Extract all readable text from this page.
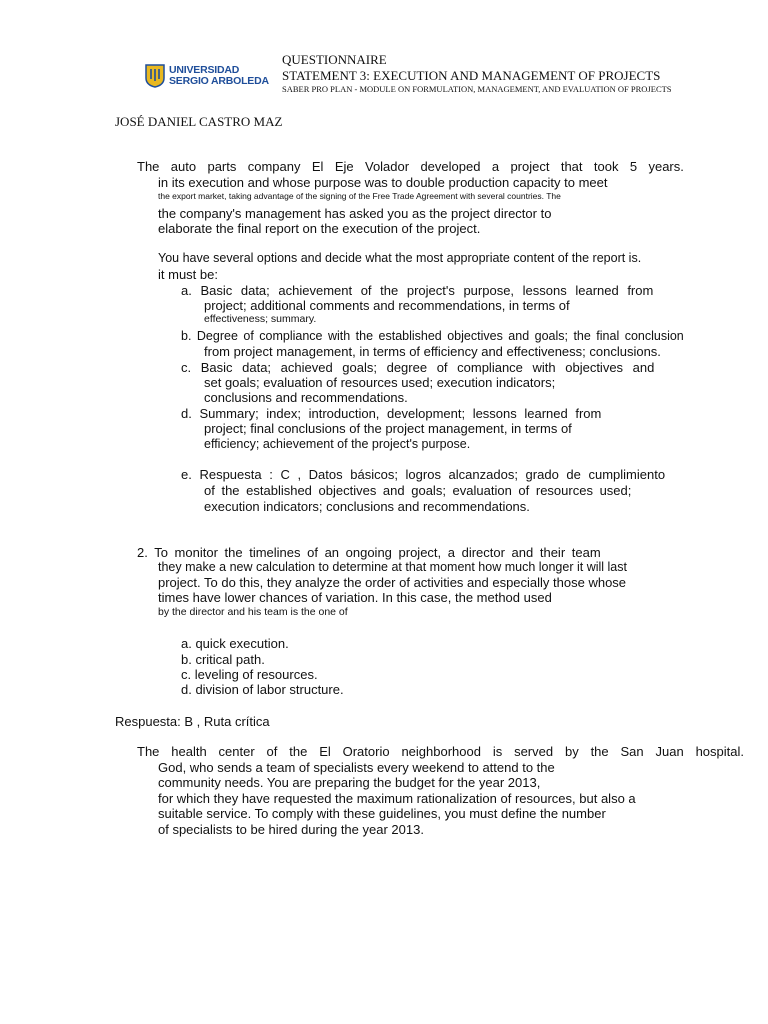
UNIVERSIDAD
SERGIO ARBOLEDA
QUESTIONNAIRE
STATEMENT 3: EXECUTION AND MANAGEMENT OF PROJECTS
SABER PRO PLAN - MODULE ON FORMULATION, MANAGEMENT, AND EVALUATION OF PROJECTS
JOSÉ DANIEL CASTRO MAZ
The auto parts company El Eje Volador developed a project that took 5 years.
in its execution and whose purpose was to double production capacity to meet
the export market, taking advantage of the signing of the Free Trade Agreement with several countries. The
the company's management has asked you as the project director to
elaborate the final report on the execution of the project.
You have several options and decide what the most appropriate content of the report is.
it must be:
a. Basic data; achievement of the project's purpose, lessons learned from
project; additional comments and recommendations, in terms of
effectiveness; summary.
b. Degree of compliance with the established objectives and goals; the final conclusion
from project management, in terms of efficiency and effectiveness; conclusions.
c. Basic data; achieved goals; degree of compliance with objectives and
set goals; evaluation of resources used; execution indicators;
conclusions and recommendations.
d. Summary; index; introduction, development; lessons learned from
project; final conclusions of the project management, in terms of
efficiency; achievement of the project's purpose.
e. Respuesta : C , Datos básicos; logros alcanzados; grado de cumplimiento
of the established objectives and goals; evaluation of resources used;
execution indicators; conclusions and recommendations.
2. To monitor the timelines of an ongoing project, a director and their team
they make a new calculation to determine at that moment how much longer it will last
project. To do this, they analyze the order of activities and especially those whose
times have lower chances of variation. In this case, the method used
by the director and his team is the one of
a. quick execution.
b. critical path.
c. leveling of resources.
d. division of labor structure.
Respuesta: B , Ruta crítica
The health center of the El Oratorio neighborhood is served by the San Juan hospital.
God, who sends a team of specialists every weekend to attend to the
community needs. You are preparing the budget for the year 2013,
for which they have requested the maximum rationalization of resources, but also a
suitable service. To comply with these guidelines, you must define the number
of specialists to be hired during the year 2013.
